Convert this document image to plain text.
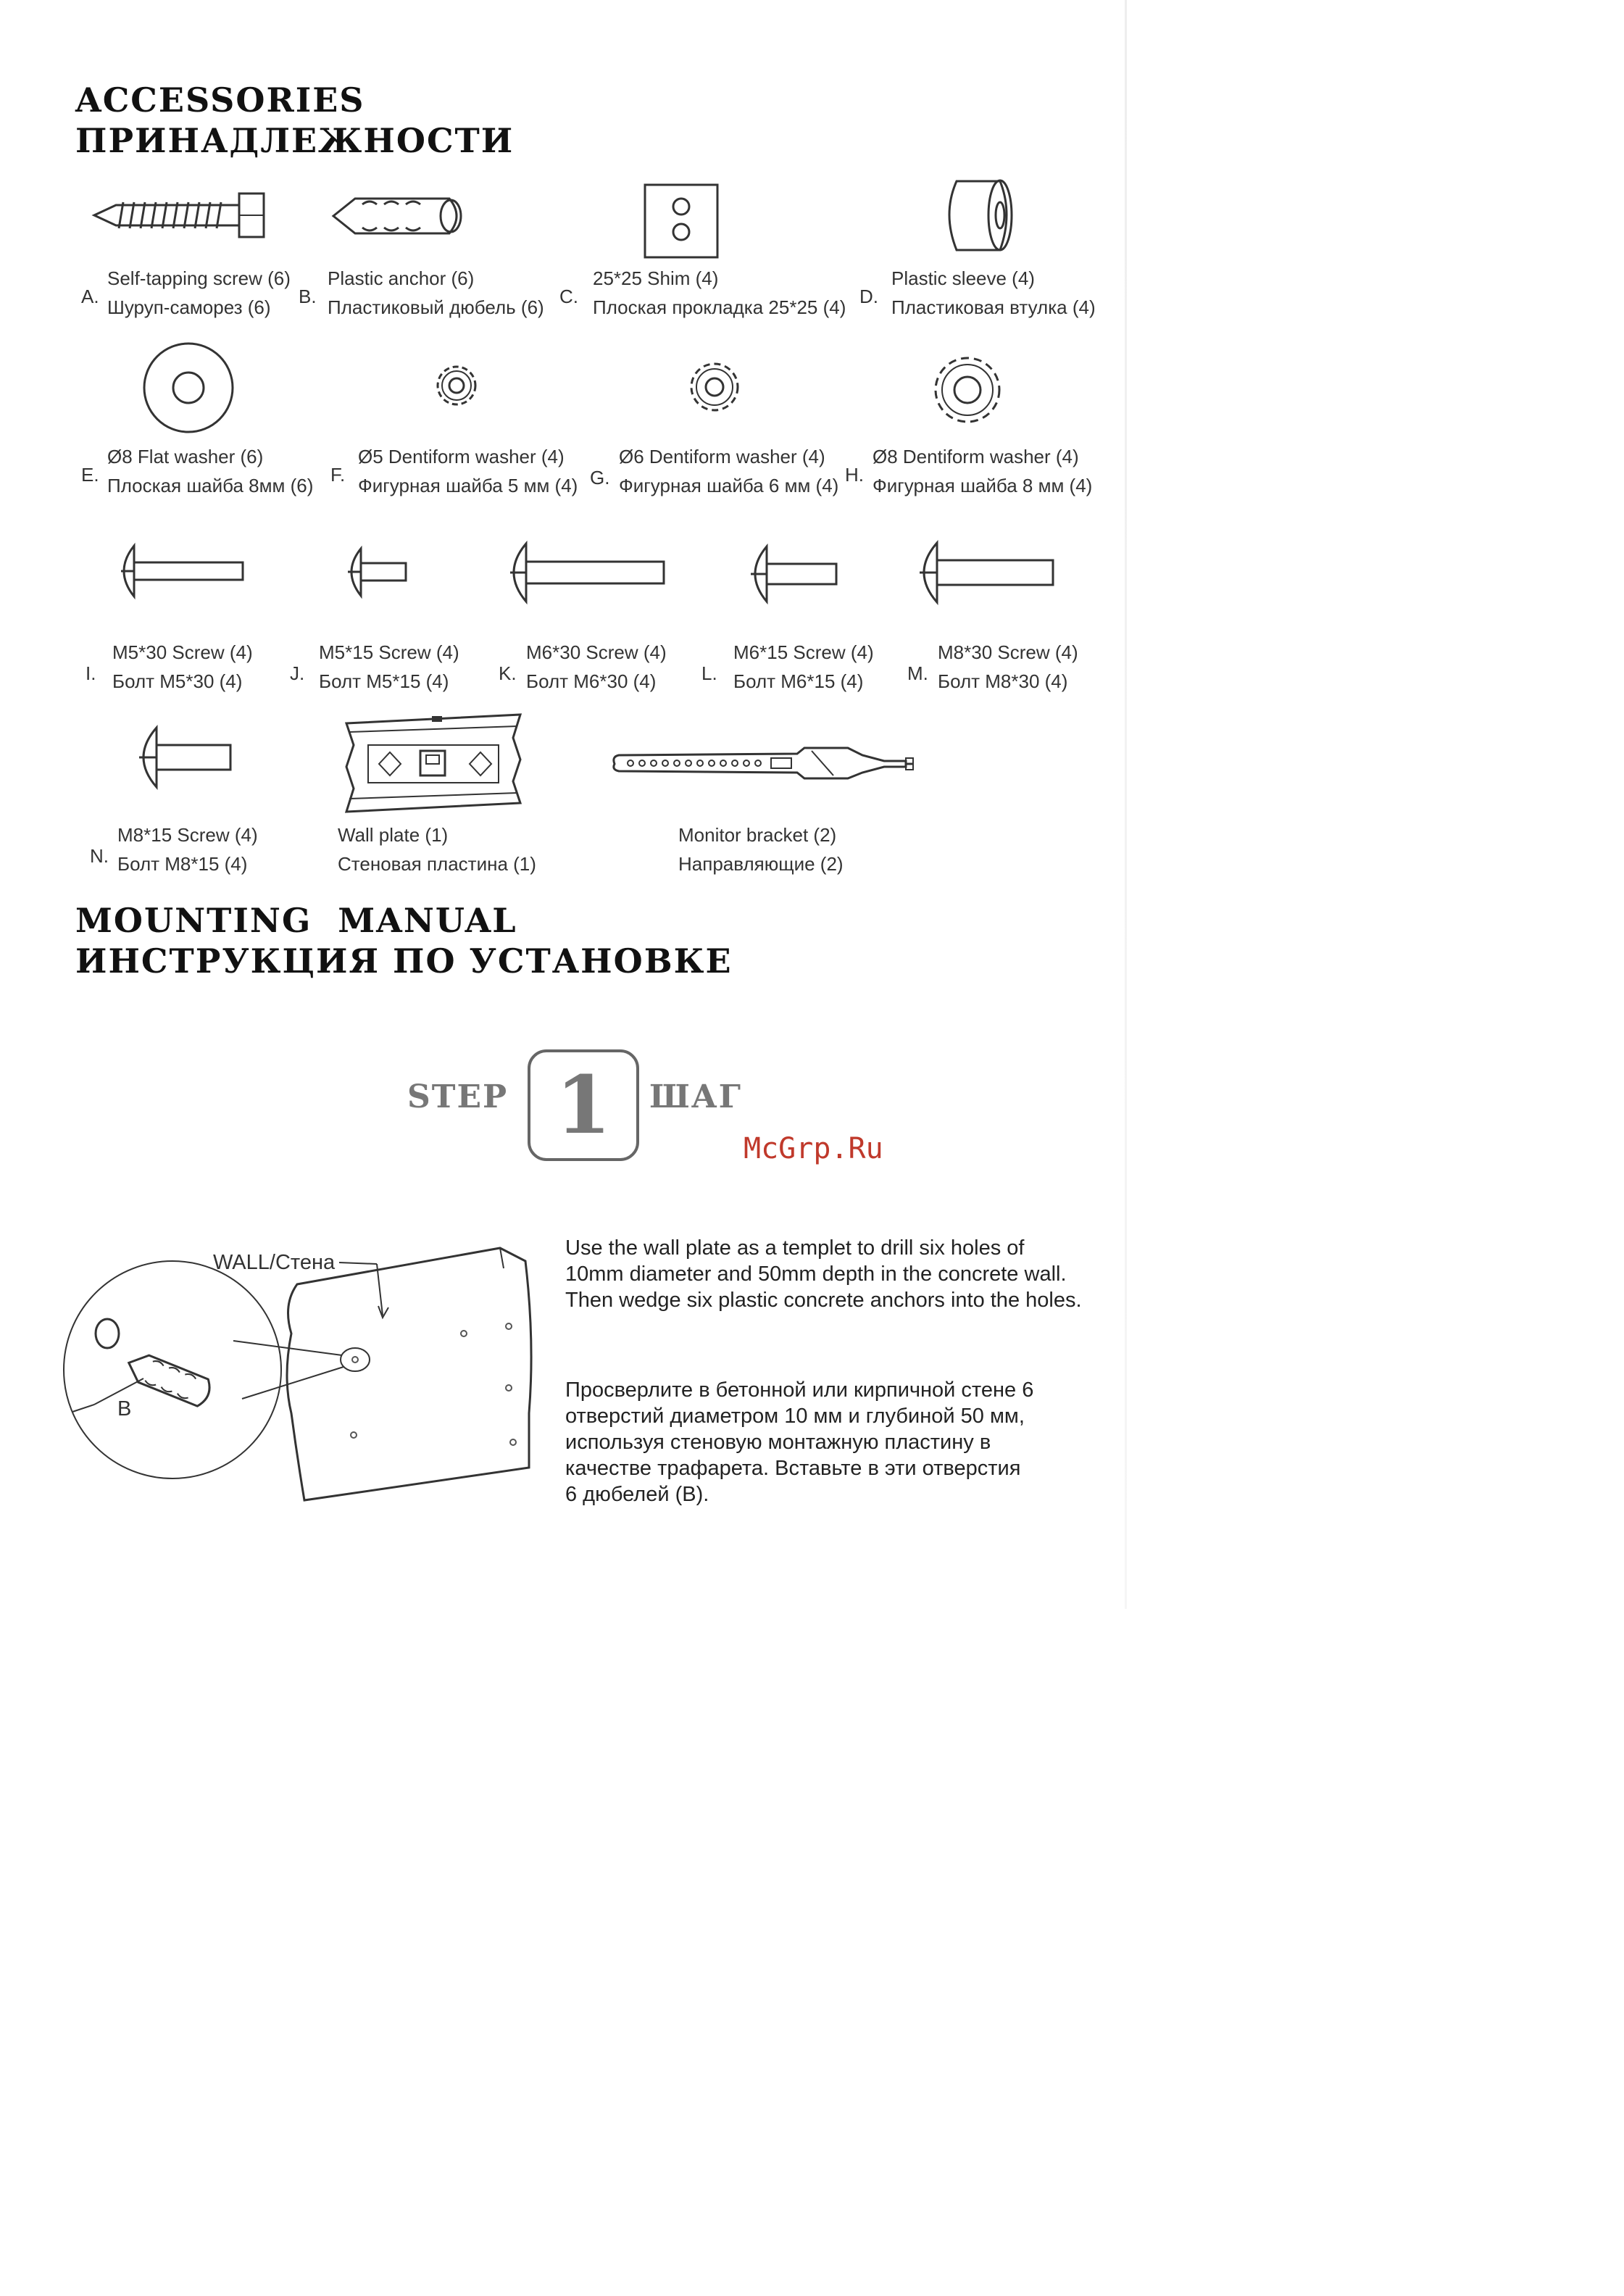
ACCESSORIES
ПРИНАДЛЕЖНОСТИ
A.
Self-tapping screw (6)
Шуруп-саморез (6)	B.
Plastic anchor (6)
Пластиковый дюбель (6) C.
25*25 Shim (4)
Плоская прокладка 25*25 (4) D.
Plastic sleeve (4)
Пластиковая втулка (4)
E.
Ø8 Flat washer (6)
Плоская шайба 8мм (6) F.
Ø5 Dentiform washer (4)
Фигурная шайба 5 мм (4) G.
Ø6 Dentiform washer (4)
Фигурная шайба 6 мм (4) H.
Ø8 Dentiform washer (4)
Фигурная шайба 8 мм (4)
I.
M5*30 Screw (4)
Болт M5*30 (4)	J.
M5*15 Screw (4)
Болт M5*15 (4)	K.
M6*30 Screw (4)
Болт M6*30 (4)	L.
M6*15 Screw (4)
Болт M6*15 (4)	M.
M8*30 Screw (4)
Болт M8*30 (4)
N.
M8*15 Screw (4)
Болт M8*15 (4)
Wall plate (1)
Стеновая пластина (1)
Monitor bracket (2)
Направляющие (2)
MOUNTING  MANUAL
ИНСТРУКЦИЯ ПО УСТАНОВКЕ
STEP 1 ШАГ
McGrp.Ru
WALL/Стена
B
Use the wall plate as a templet to drill six holes of
10mm diameter and 50mm depth in the concrete wall.
Then wedge six plastic concrete anchors into the holes.
Просверлите в бетонной или кирпичной стене 6
отверстий диаметром 10 мм и глубиной 50 мм,
используя стеновую монтажную пластину в
качестве трафарета. Вставьте в эти отверстия
6 дюбелей (B).
